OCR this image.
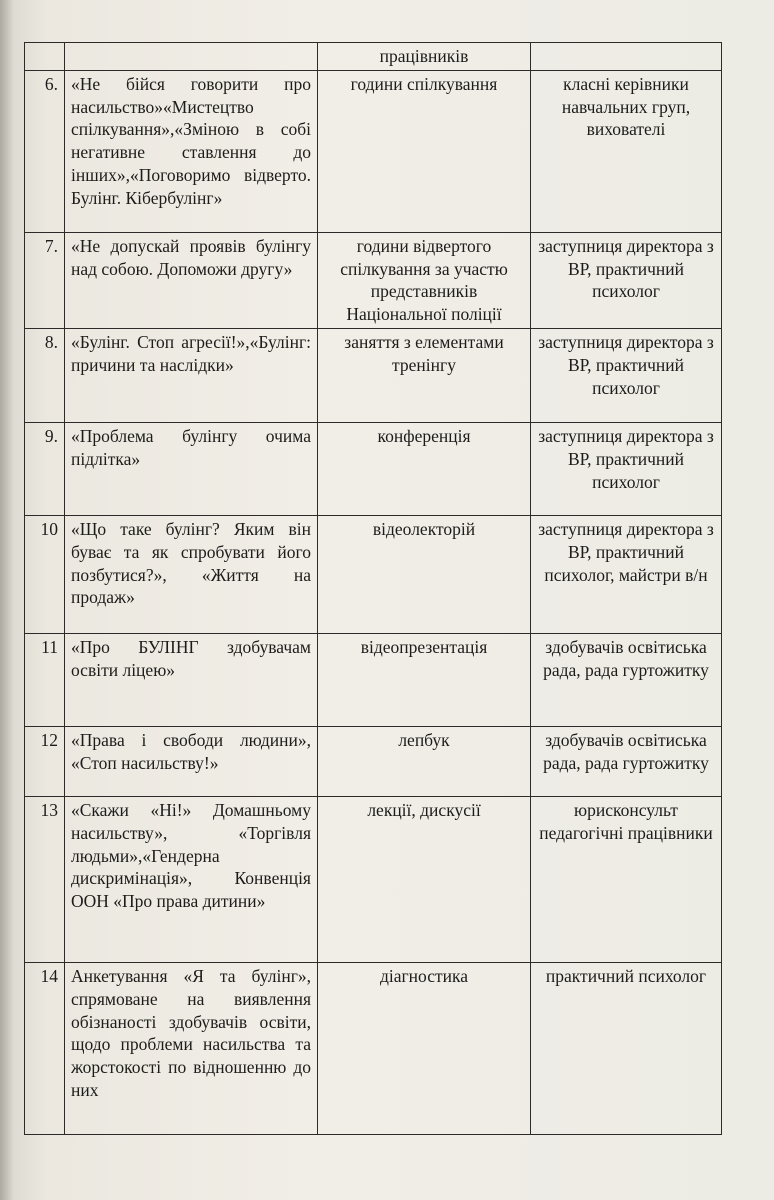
		працівників	
6.	«Не бійся говорити про насильство»«Мистецтво спілкування»,«Зміною в собі негативне ставлення до інших»,«Поговоримо відверто. Булінг. Кібербулінг»	години спілкування	класні керівники навчальних груп, вихователі
7.	«Не допускай проявів булінгу над собою. Допоможи другу»	години відвертого спілкування за участю представників Національної поліції	заступниця директора з ВР, практичний психолог
8.	«Булінг. Стоп агресії!»,«Булінг: причини та наслідки»	заняття з елементами тренінгу	заступниця директора з ВР, практичний психолог
9.	«Проблема булінгу очима підлітка»	конференція	заступниця директора з ВР, практичний психолог
10	«Що таке булінг? Яким він буває та як спробувати його позбутися?», «Життя на продаж»	відеолекторій	заступниця директора з ВР, практичний психолог, майстри в/н
11	«Про БУЛІНГ здобувачам освіти ліцею»	відеопрезентація	здобувачів освітиська рада, рада гуртожитку
12	«Права і свободи людини», «Стоп насильству!»	лепбук	здобувачів освітиська рада, рада гуртожитку
13	«Скажи «Ні!» Домашньому насильству», «Торгівля людьми»,«Гендерна дискримінація», Конвенція ООН «Про права дитини»	лекції, дискусії	юрисконсульт педагогічні працівники
14	Анкетування «Я та булінг», спрямоване на виявлення обізнаності здобувачів освіти, щодо проблеми насильства та жорстокості по відношенню до них	діагностика	практичний психолог
